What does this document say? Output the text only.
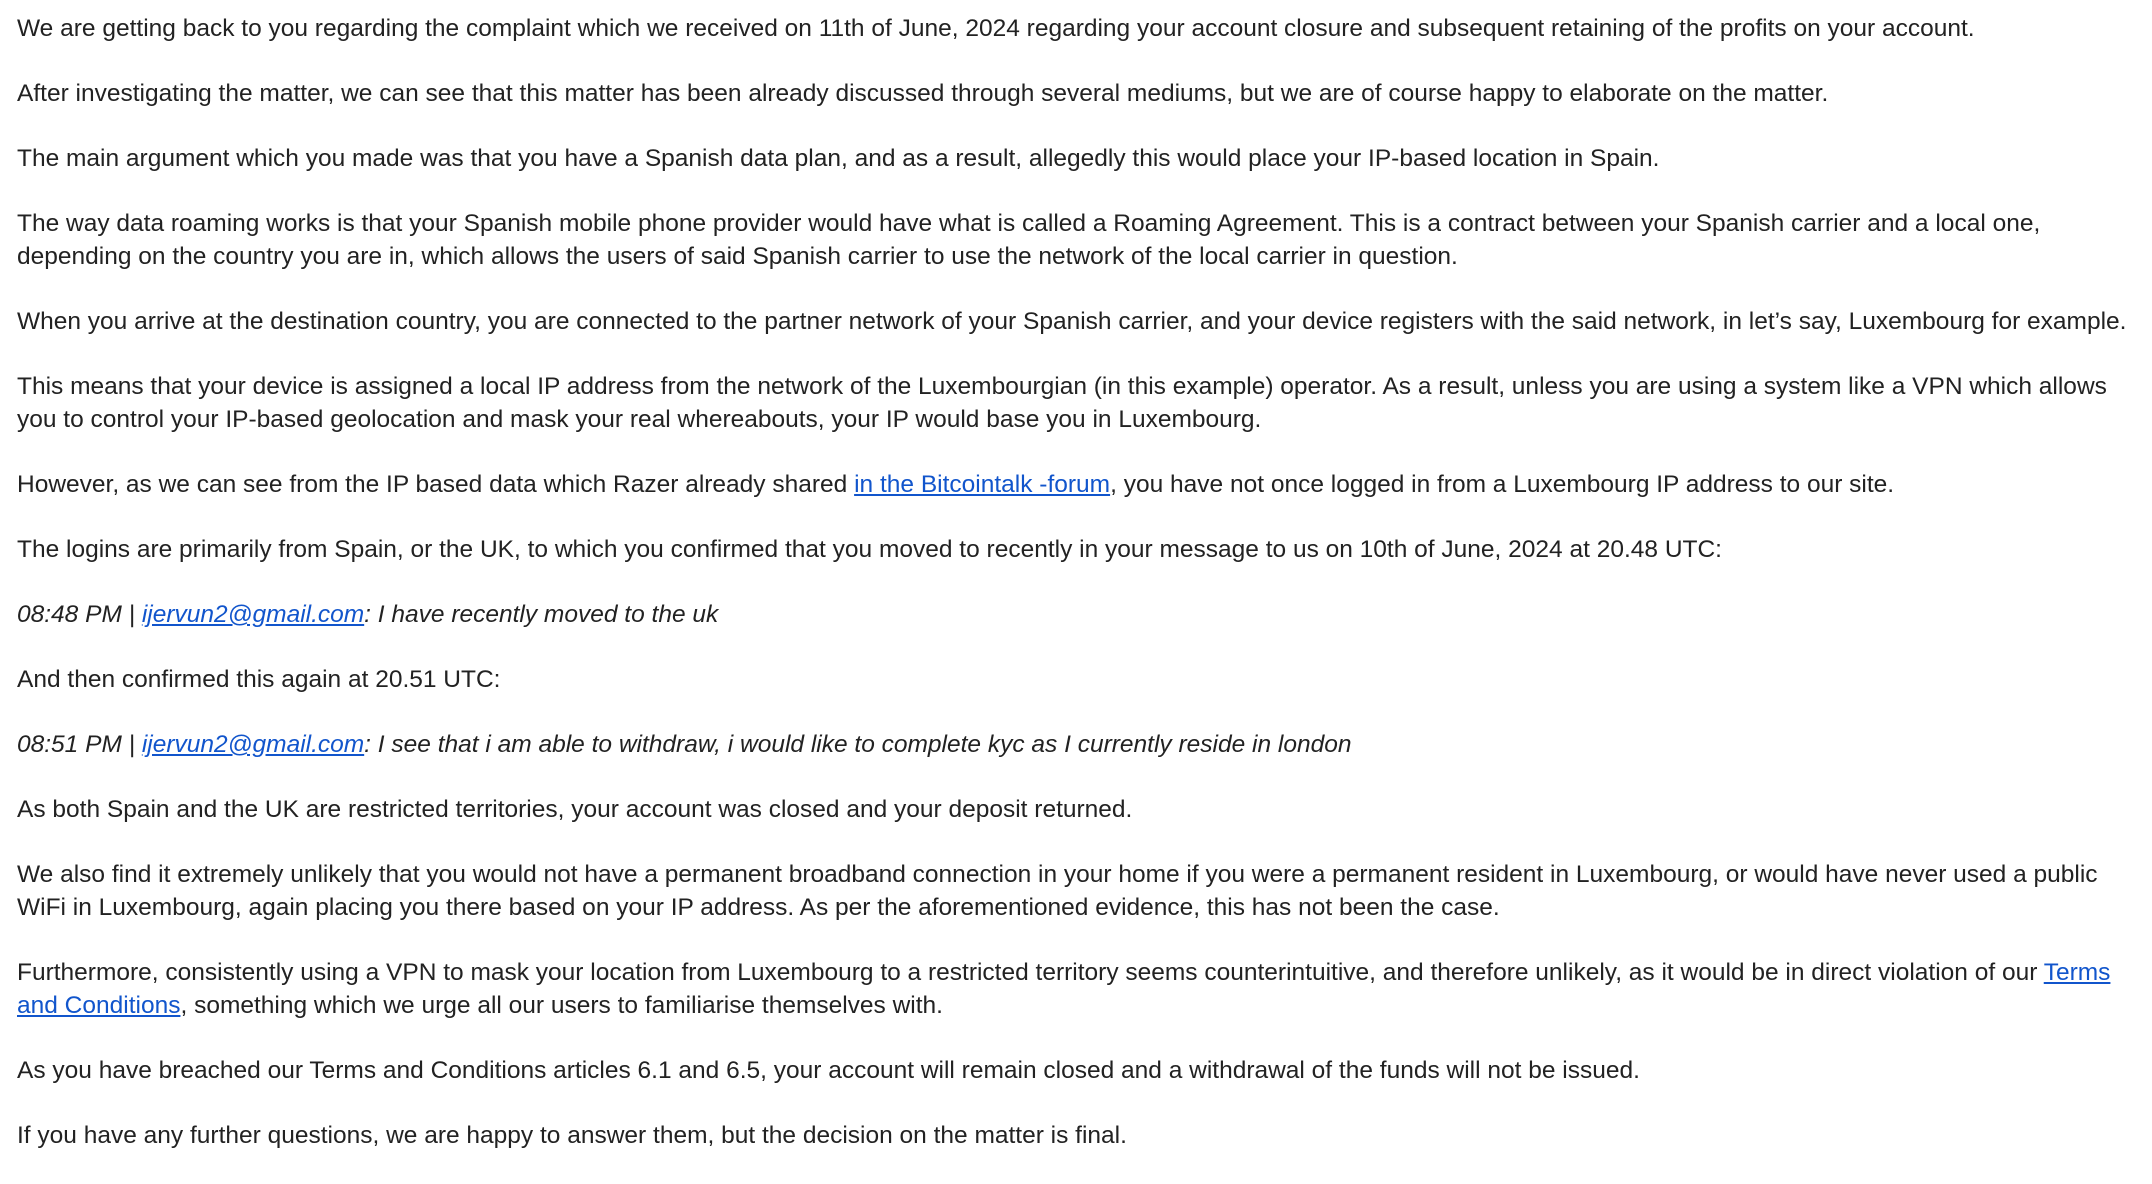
We are getting back to you regarding the complaint which we received on 11th of June, 2024 regarding your account closure and subsequent retaining of the profits on your account.

After investigating the matter, we can see that this matter has been already discussed through several mediums, but we are of course happy to elaborate on the matter.

The main argument which you made was that you have a Spanish data plan, and as a result, allegedly this would place your IP-based location in Spain.

The way data roaming works is that your Spanish mobile phone provider would have what is called a Roaming Agreement. This is a contract between your Spanish carrier and a local one, depending on the country you are in, which allows the users of said Spanish carrier to use the network of the local carrier in question.

When you arrive at the destination country, you are connected to the partner network of your Spanish carrier, and your device registers with the said network, in let’s say, Luxembourg for example.

This means that your device is assigned a local IP address from the network of the Luxembourgian (in this example) operator. As a result, unless you are using a system like a VPN which allows you to control your IP-based geolocation and mask your real whereabouts, your IP would base you in Luxembourg.

However, as we can see from the IP based data which Razer already shared in the Bitcointalk -forum, you have not once logged in from a Luxembourg IP address to our site.

The logins are primarily from Spain, or the UK, to which you confirmed that you moved to recently in your message to us on 10th of June, 2024 at 20.48 UTC:

08:48 PM | ijervun2@gmail.com: I have recently moved to the uk

And then confirmed this again at 20.51 UTC:

08:51 PM | ijervun2@gmail.com: I see that i am able to withdraw, i would like to complete kyc as I currently reside in london

As both Spain and the UK are restricted territories, your account was closed and your deposit returned.

We also find it extremely unlikely that you would not have a permanent broadband connection in your home if you were a permanent resident in Luxembourg, or would have never used a public WiFi in Luxembourg, again placing you there based on your IP address. As per the aforementioned evidence, this has not been the case.

Furthermore, consistently using a VPN to mask your location from Luxembourg to a restricted territory seems counterintuitive, and therefore unlikely, as it would be in direct violation of our Terms and Conditions, something which we urge all our users to familiarise themselves with.

As you have breached our Terms and Conditions articles 6.1 and 6.5, your account will remain closed and a withdrawal of the funds will not be issued.

If you have any further questions, we are happy to answer them, but the decision on the matter is final.
